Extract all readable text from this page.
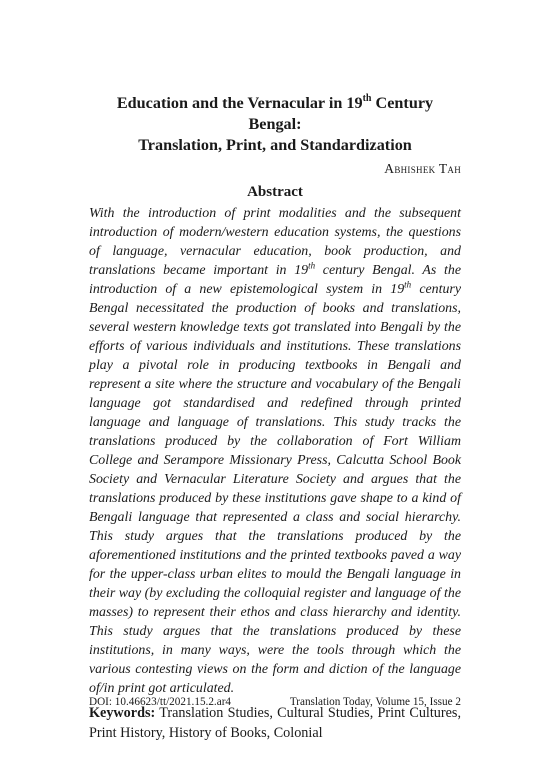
Education and the Vernacular in 19th Century Bengal:
Translation, Print, and Standardization
Abhishek Tah
Abstract

With the introduction of print modalities and the subsequent introduction of modern/western education systems, the questions of language, vernacular education, book production, and translations became important in 19th century Bengal. As the introduction of a new epistemological system in 19th century Bengal necessitated the production of books and translations, several western knowledge texts got translated into Bengali by the efforts of various individuals and institutions. These translations play a pivotal role in producing textbooks in Bengali and represent a site where the structure and vocabulary of the Bengali language got standardised and redefined through printed language and language of translations. This study tracks the translations produced by the collaboration of Fort William College and Serampore Missionary Press, Calcutta School Book Society and Vernacular Literature Society and argues that the translations produced by these institutions gave shape to a kind of Bengali language that represented a class and social hierarchy. This study argues that the translations produced by the aforementioned institutions and the printed textbooks paved a way for the upper-class urban elites to mould the Bengali language in their way (by excluding the colloquial register and language of the masses) to represent their ethos and class hierarchy and identity. This study argues that the translations produced by these institutions, in many ways, were the tools through which the various contesting views on the form and diction of the language of/in print got articulated.

Keywords: Translation Studies, Cultural Studies, Print Cultures, Print History, History of Books, Colonial
DOI: 10.46623/tt/2021.15.2.ar4	Translation Today, Volume 15, Issue 2
